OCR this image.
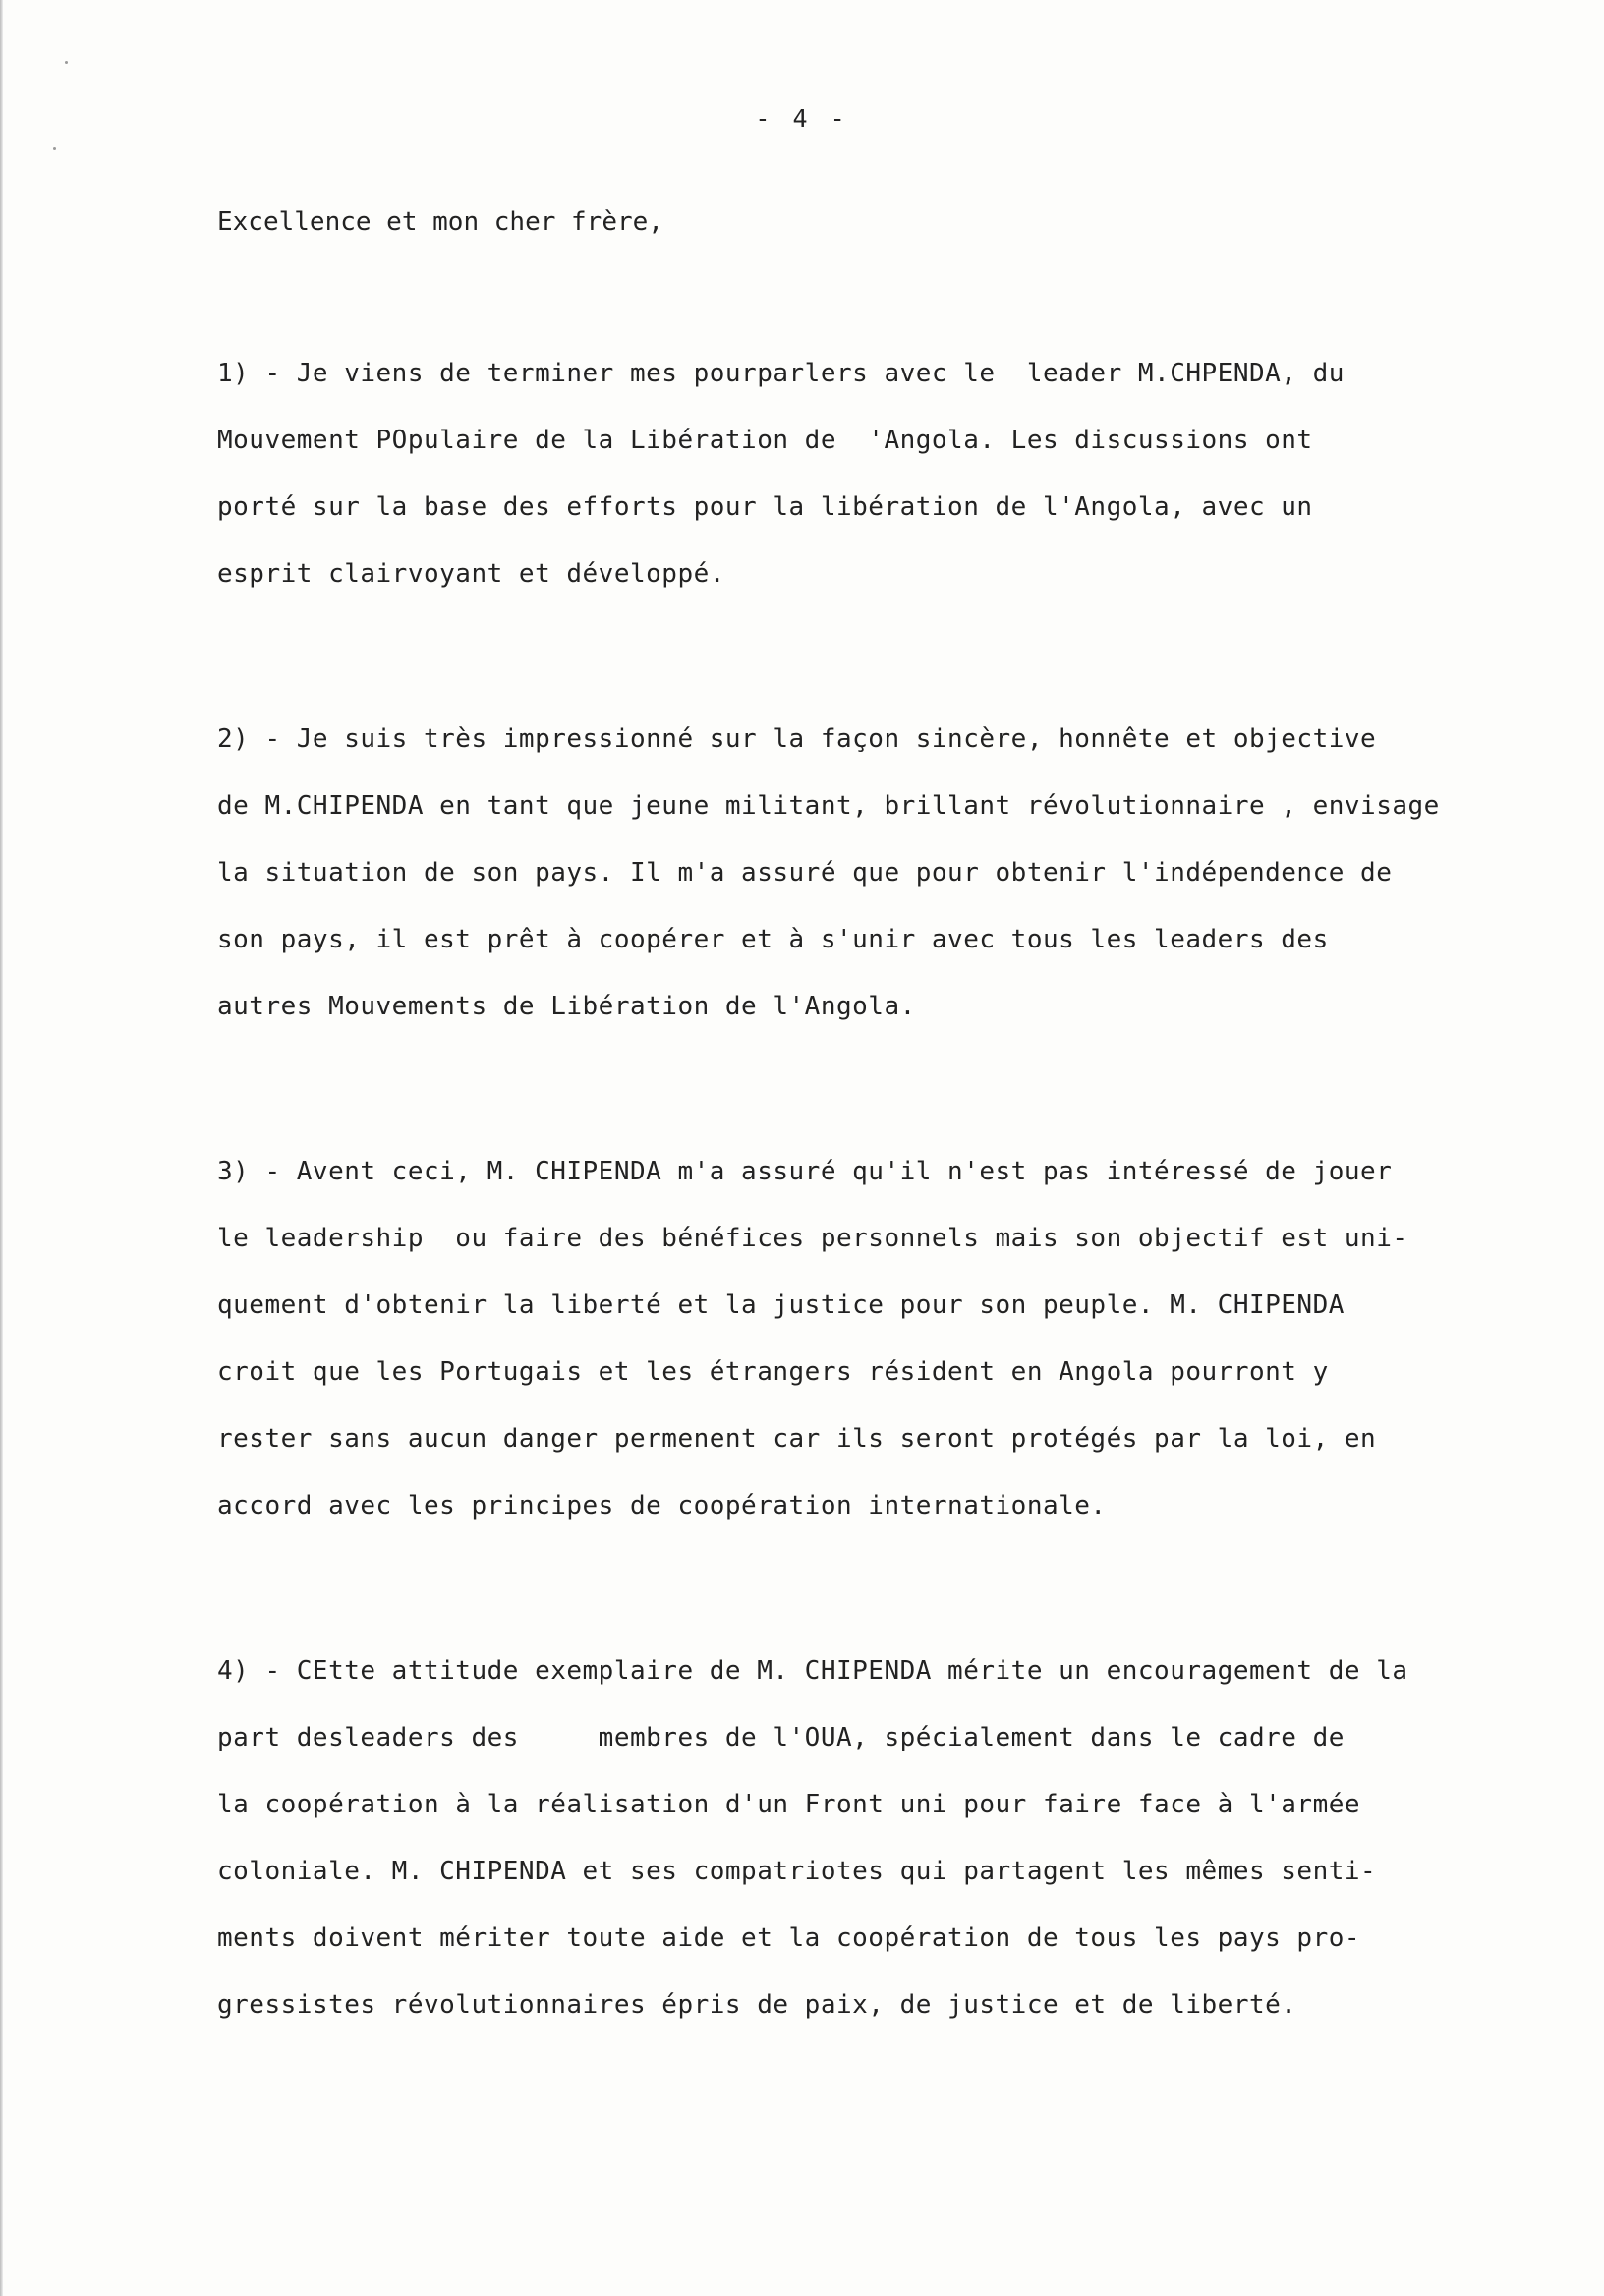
- 4 -
Excellence et mon cher frère,
1) - Je viens de terminer mes pourparlers avec le  leader M.CHPENDA, du
Mouvement POpulaire de la Libération de  'Angola. Les discussions ont
porté sur la base des efforts pour la libération de l'Angola, avec un
esprit clairvoyant et développé.
2) - Je suis très impressionné sur la façon sincère, honnête et objective
de M.CHIPENDA en tant que jeune militant, brillant révolutionnaire , envisage
la situation de son pays. Il m'a assuré que pour obtenir l'indépendence de
son pays, il est prêt à coopérer et à s'unir avec tous les leaders des
autres Mouvements de Libération de l'Angola.
3) - Avent ceci, M. CHIPENDA m'a assuré qu'il n'est pas intéressé de jouer
le leadership  ou faire des bénéfices personnels mais son objectif est uni-
quement d'obtenir la liberté et la justice pour son peuple. M. CHIPENDA
croit que les Portugais et les étrangers résident en Angola pourront y
rester sans aucun danger permenent car ils seront protégés par la loi, en
accord avec les principes de coopération internationale.
4) - CEtte attitude exemplaire de M. CHIPENDA mérite un encouragement de la
part desleaders des     membres de l'OUA, spécialement dans le cadre de
la coopération à la réalisation d'un Front uni pour faire face à l'armée
coloniale. M. CHIPENDA et ses compatriotes qui partagent les mêmes senti-
ments doivent mériter toute aide et la coopération de tous les pays pro-
gressistes révolutionnaires épris de paix, de justice et de liberté.
